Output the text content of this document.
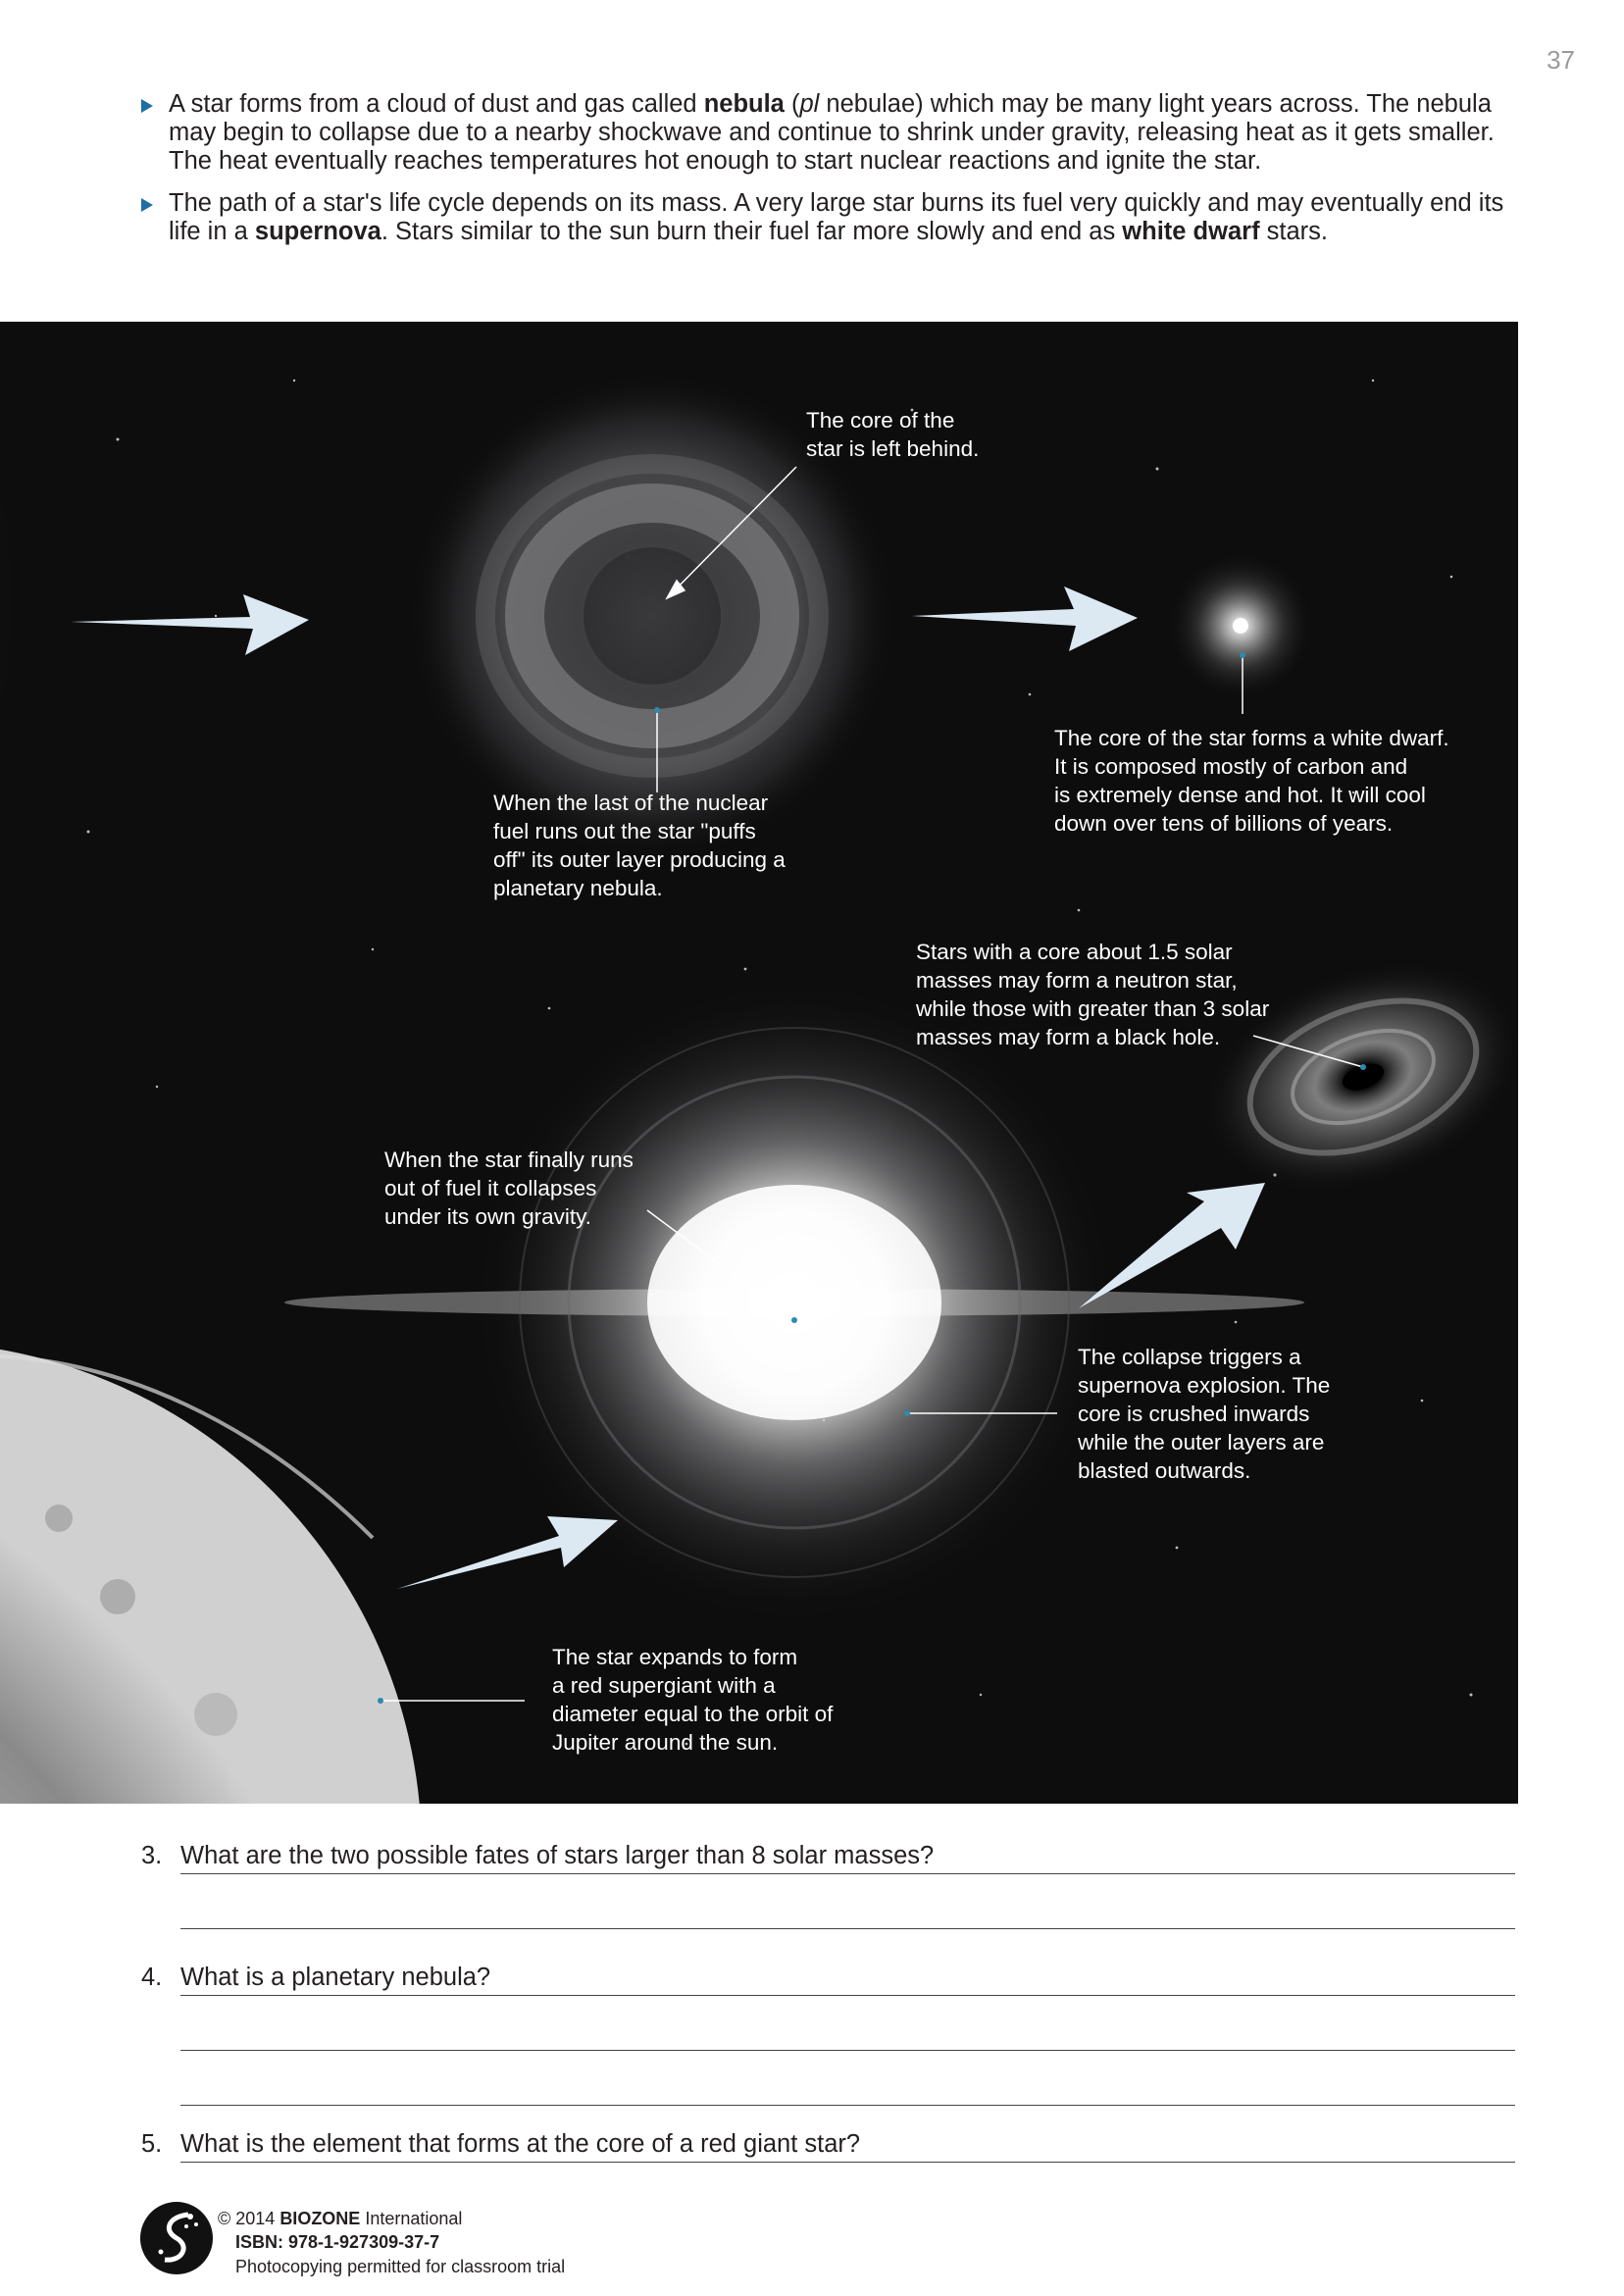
37
A star forms from a cloud of dust and gas called nebula (pl nebulae) which may be many light years across. The nebula may begin to collapse due to a nearby shockwave and continue to shrink under gravity, releasing heat as it gets smaller. The heat eventually reaches temperatures hot enough to start nuclear reactions and ignite the star.
The path of a star's life cycle depends on its mass. A very large star burns its fuel very quickly and may eventually end its life in a supernova. Stars similar to the sun burn their fuel far more slowly and end as white dwarf stars.
The core of the
star is left behind.
When the last of the nuclear
fuel runs out the star "puffs
off" its outer layer producing a
planetary nebula.
The core of the star forms a white dwarf.
It is composed mostly of carbon and
is extremely dense and hot. It will cool
down over tens of billions of years.
Stars with a core about 1.5 solar
masses may form a neutron star,
while those with greater than 3 solar
masses may form a black hole.
When the star finally runs
out of fuel it collapses
under its own gravity.
The collapse triggers a
supernova explosion. The
core is crushed inwards
while the outer layers are
blasted outwards.
The star expands to form
a red supergiant with a
diameter equal to the orbit of
Jupiter around the sun.
3. What are the two possible fates of stars larger than 8 solar masses?
4. What is a planetary nebula?
5. What is the element that forms at the core of a red giant star?
© 2014 BIOZONE International
ISBN: 978-1-927309-37-7
Photocopying permitted for classroom trial
